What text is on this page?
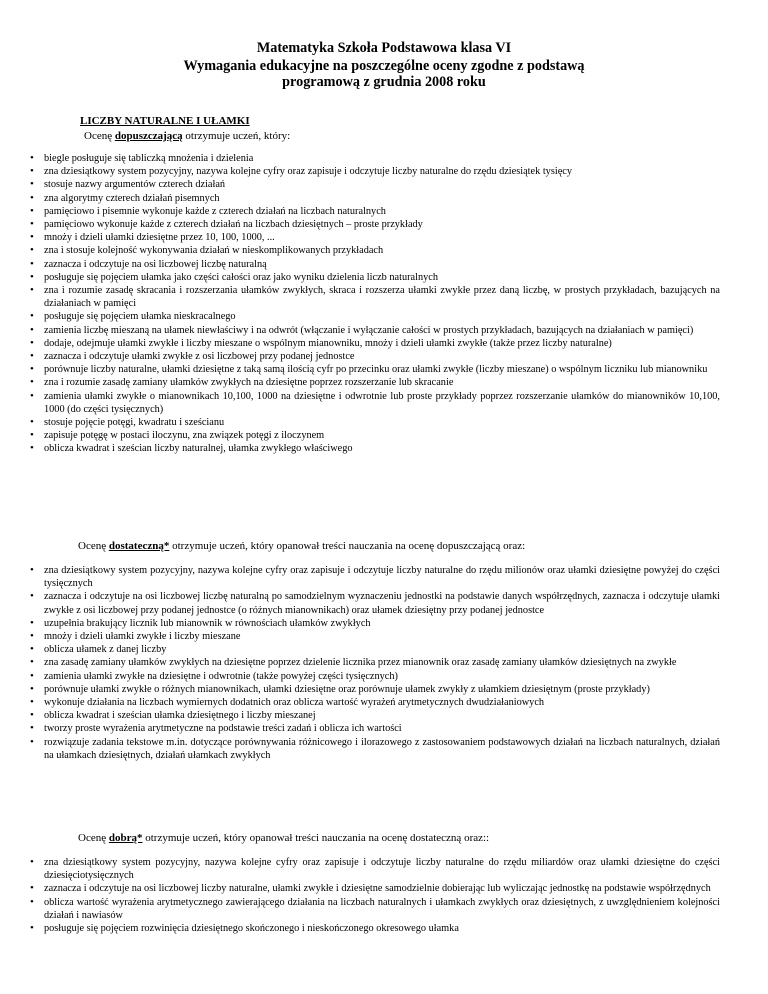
Matematyka Szkoła Podstawowa klasa VI
Wymagania edukacyjne na poszczególne oceny zgodne z podstawą
programową z grudnia 2008 roku
LICZBY NATURALNE I UŁAMKI
Ocenę dopuszczającą otrzymuje uczeń, który:
• biegle posługuje się tabliczką mnożenia i dzielenia
• zna dziesiątkowy system pozycyjny, nazywa kolejne cyfry oraz zapisuje i odczytuje liczby naturalne do rzędu dziesiątek tysięcy
• stosuje nazwy argumentów czterech działań
• zna algorytmy czterech działań pisemnych
• pamięciowo i pisemnie wykonuje każde z czterech działań na liczbach naturalnych
• pamięciowo wykonuje każde z czterech działań na liczbach dziesiętnych – proste przykłady
• mnoży i dzieli ułamki dziesiętne przez 10, 100, 1000, ...
• zna i stosuje kolejność wykonywania działań w nieskomplikowanych przykładach
• zaznacza i odczytuje na osi liczbowej liczbę naturalną
• posługuje się pojęciem ułamka jako części całości oraz jako wyniku dzielenia liczb naturalnych
• zna i rozumie zasadę skracania i rozszerzania ułamków zwykłych, skraca i rozszerza ułamki zwykłe przez daną liczbę, w prostych przykładach, bazujących na działaniach w pamięci
• posługuje się pojęciem ułamka nieskracalnego
• zamienia liczbę mieszaną na ułamek niewłaściwy i na odwrót (włączanie i wyłączanie całości w prostych przykładach, bazujących na działaniach w pamięci)
• dodaje, odejmuje ułamki zwykłe i liczby mieszane o wspólnym mianowniku, mnoży i dzieli ułamki zwykłe (także przez liczby naturalne)
• zaznacza i odczytuje ułamki zwykłe z osi liczbowej przy podanej jednostce
• porównuje liczby naturalne, ułamki dziesiętne z taką samą ilością cyfr po przecinku oraz ułamki zwykłe (liczby mieszane) o wspólnym liczniku lub mianowniku
• zna i rozumie zasadę zamiany ułamków zwykłych na dziesiętne poprzez rozszerzanie lub skracanie
• zamienia ułamki zwykłe o mianownikach 10,100, 1000 na dziesiętne i odwrotnie lub proste przykłady poprzez rozszerzanie ułamków do mianowników 10,100, 1000 (do części tysięcznych)
• stosuje pojęcie potęgi, kwadratu i sześcianu
• zapisuje potęgę w postaci iloczynu, zna związek potęgi z iloczynem
• oblicza kwadrat i sześcian liczby naturalnej, ułamka zwykłego właściwego
Ocenę dostateczną* otrzymuje uczeń, który opanował treści nauczania na ocenę dopuszczającą oraz:
• zna dziesiątkowy system pozycyjny, nazywa kolejne cyfry oraz zapisuje i odczytuje liczby naturalne do rzędu milionów oraz ułamki dziesiętne powyżej do części tysięcznych
• zaznacza i odczytuje na osi liczbowej liczbę naturalną po samodzielnym wyznaczeniu jednostki na podstawie danych współrzędnych, zaznacza i odczytuje ułamki zwykłe z osi liczbowej przy podanej jednostce (o różnych mianownikach) oraz ułamek dziesiętny przy podanej jednostce
• uzupełnia brakujący licznik lub mianownik w równościach ułamków zwykłych
• mnoży i dzieli ułamki zwykłe i liczby mieszane
• oblicza ułamek z danej liczby
• zna zasadę zamiany ułamków zwykłych na dziesiętne poprzez dzielenie licznika przez mianownik oraz zasadę zamiany ułamków dziesiętnych na zwykłe
• zamienia ułamki zwykłe na dziesiętne i odwrotnie (także powyżej części tysięcznych)
• porównuje ułamki zwykłe o różnych mianownikach, ułamki dziesiętne oraz porównuje ułamek zwykły z ułamkiem dziesiętnym (proste przykłady)
• wykonuje działania na liczbach wymiernych dodatnich oraz oblicza wartość wyrażeń arytmetycznych dwudziałaniowych
• oblicza kwadrat i sześcian ułamka dziesiętnego i liczby mieszanej
• tworzy proste wyrażenia arytmetyczne na podstawie treści zadań i oblicza ich wartości
• rozwiązuje zadania tekstowe m.in. dotyczące porównywania różnicowego i ilorazowego z zastosowaniem podstawowych działań na liczbach naturalnych, działań na ułamkach dziesiętnych, działań ułamkach zwykłych
Ocenę dobrą* otrzymuje uczeń, który opanował treści nauczania na ocenę dostateczną oraz::
• zna dziesiątkowy system pozycyjny, nazywa kolejne cyfry oraz zapisuje i odczytuje liczby naturalne do rzędu miliardów oraz ułamki dziesiętne do części dziesięciotysięcznych
• zaznacza i odczytuje na osi liczbowej liczby naturalne, ułamki zwykłe i dziesiętne samodzielnie dobierając lub wyliczając jednostkę na podstawie współrzędnych
• oblicza wartość wyrażenia arytmetycznego zawierającego działania na liczbach naturalnych i ułamkach zwykłych oraz dziesiętnych, z uwzględnieniem kolejności działań i nawiasów
• posługuje się pojęciem rozwinięcia dziesiętnego skończonego i nieskończonego okresowego ułamka
